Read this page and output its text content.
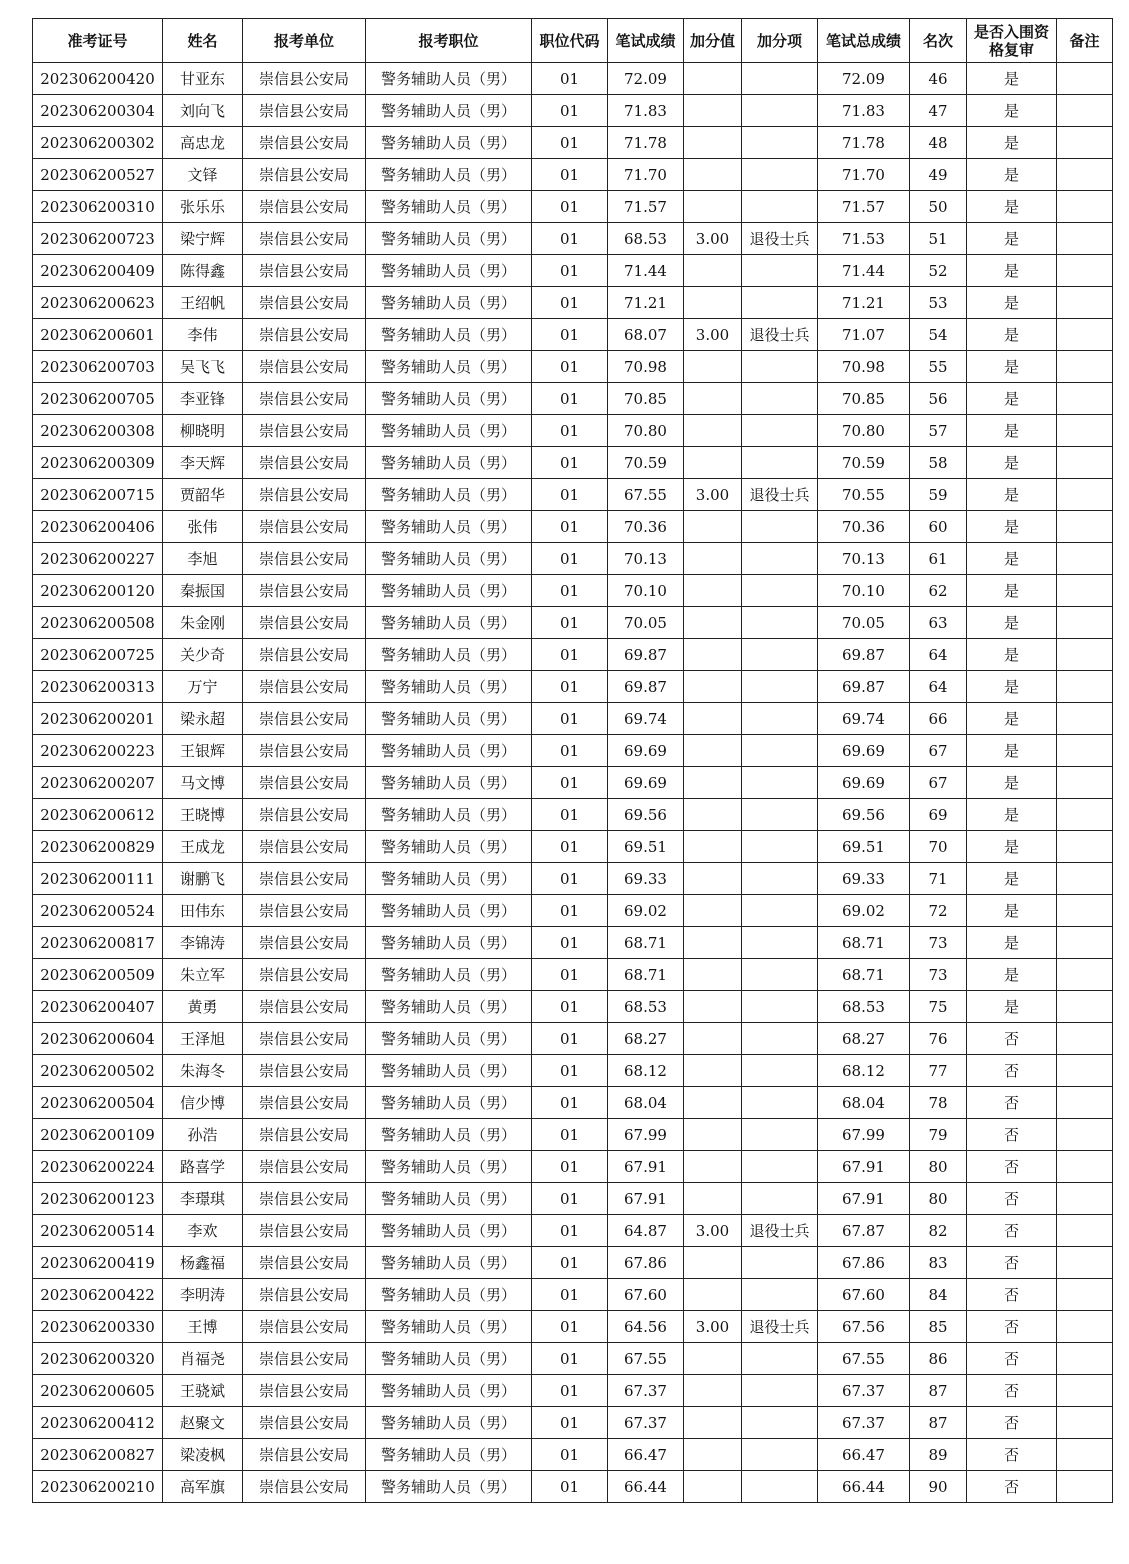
准考证号	姓名	报考单位	报考职位	职位代码	笔试成绩	加分值	加分项	笔试总成绩	名次	是否入围资格复审	备注
202306200420	甘亚东	崇信县公安局	警务辅助人员（男）	01	72.09			72.09	46	是	
202306200304	刘向飞	崇信县公安局	警务辅助人员（男）	01	71.83			71.83	47	是	
202306200302	高忠龙	崇信县公安局	警务辅助人员（男）	01	71.78			71.78	48	是	
202306200527	文铎	崇信县公安局	警务辅助人员（男）	01	71.70			71.70	49	是	
202306200310	张乐乐	崇信县公安局	警务辅助人员（男）	01	71.57			71.57	50	是	
202306200723	梁宁辉	崇信县公安局	警务辅助人员（男）	01	68.53	3.00	退役士兵	71.53	51	是	
202306200409	陈得鑫	崇信县公安局	警务辅助人员（男）	01	71.44			71.44	52	是	
202306200623	王绍帆	崇信县公安局	警务辅助人员（男）	01	71.21			71.21	53	是	
202306200601	李伟	崇信县公安局	警务辅助人员（男）	01	68.07	3.00	退役士兵	71.07	54	是	
202306200703	吴飞飞	崇信县公安局	警务辅助人员（男）	01	70.98			70.98	55	是	
202306200705	李亚锋	崇信县公安局	警务辅助人员（男）	01	70.85			70.85	56	是	
202306200308	柳晓明	崇信县公安局	警务辅助人员（男）	01	70.80			70.80	57	是	
202306200309	李天辉	崇信县公安局	警务辅助人员（男）	01	70.59			70.59	58	是	
202306200715	贾韶华	崇信县公安局	警务辅助人员（男）	01	67.55	3.00	退役士兵	70.55	59	是	
202306200406	张伟	崇信县公安局	警务辅助人员（男）	01	70.36			70.36	60	是	
202306200227	李旭	崇信县公安局	警务辅助人员（男）	01	70.13			70.13	61	是	
202306200120	秦振国	崇信县公安局	警务辅助人员（男）	01	70.10			70.10	62	是	
202306200508	朱金刚	崇信县公安局	警务辅助人员（男）	01	70.05			70.05	63	是	
202306200725	关少奇	崇信县公安局	警务辅助人员（男）	01	69.87			69.87	64	是	
202306200313	万宁	崇信县公安局	警务辅助人员（男）	01	69.87			69.87	64	是	
202306200201	梁永超	崇信县公安局	警务辅助人员（男）	01	69.74			69.74	66	是	
202306200223	王银辉	崇信县公安局	警务辅助人员（男）	01	69.69			69.69	67	是	
202306200207	马文博	崇信县公安局	警务辅助人员（男）	01	69.69			69.69	67	是	
202306200612	王晓博	崇信县公安局	警务辅助人员（男）	01	69.56			69.56	69	是	
202306200829	王成龙	崇信县公安局	警务辅助人员（男）	01	69.51			69.51	70	是	
202306200111	谢鹏飞	崇信县公安局	警务辅助人员（男）	01	69.33			69.33	71	是	
202306200524	田伟东	崇信县公安局	警务辅助人员（男）	01	69.02			69.02	72	是	
202306200817	李锦涛	崇信县公安局	警务辅助人员（男）	01	68.71			68.71	73	是	
202306200509	朱立军	崇信县公安局	警务辅助人员（男）	01	68.71			68.71	73	是	
202306200407	黄勇	崇信县公安局	警务辅助人员（男）	01	68.53			68.53	75	是	
202306200604	王泽旭	崇信县公安局	警务辅助人员（男）	01	68.27			68.27	76	否	
202306200502	朱海冬	崇信县公安局	警务辅助人员（男）	01	68.12			68.12	77	否	
202306200504	信少博	崇信县公安局	警务辅助人员（男）	01	68.04			68.04	78	否	
202306200109	孙浩	崇信县公安局	警务辅助人员（男）	01	67.99			67.99	79	否	
202306200224	路喜学	崇信县公安局	警务辅助人员（男）	01	67.91			67.91	80	否	
202306200123	李璟琪	崇信县公安局	警务辅助人员（男）	01	67.91			67.91	80	否	
202306200514	李欢	崇信县公安局	警务辅助人员（男）	01	64.87	3.00	退役士兵	67.87	82	否	
202306200419	杨鑫福	崇信县公安局	警务辅助人员（男）	01	67.86			67.86	83	否	
202306200422	李明涛	崇信县公安局	警务辅助人员（男）	01	67.60			67.60	84	否	
202306200330	王博	崇信县公安局	警务辅助人员（男）	01	64.56	3.00	退役士兵	67.56	85	否	
202306200320	肖福尧	崇信县公安局	警务辅助人员（男）	01	67.55			67.55	86	否	
202306200605	王骁斌	崇信县公安局	警务辅助人员（男）	01	67.37			67.37	87	否	
202306200412	赵聚文	崇信县公安局	警务辅助人员（男）	01	67.37			67.37	87	否	
202306200827	梁凌枫	崇信县公安局	警务辅助人员（男）	01	66.47			66.47	89	否	
202306200210	高军旗	崇信县公安局	警务辅助人员（男）	01	66.44			66.44	90	否	
